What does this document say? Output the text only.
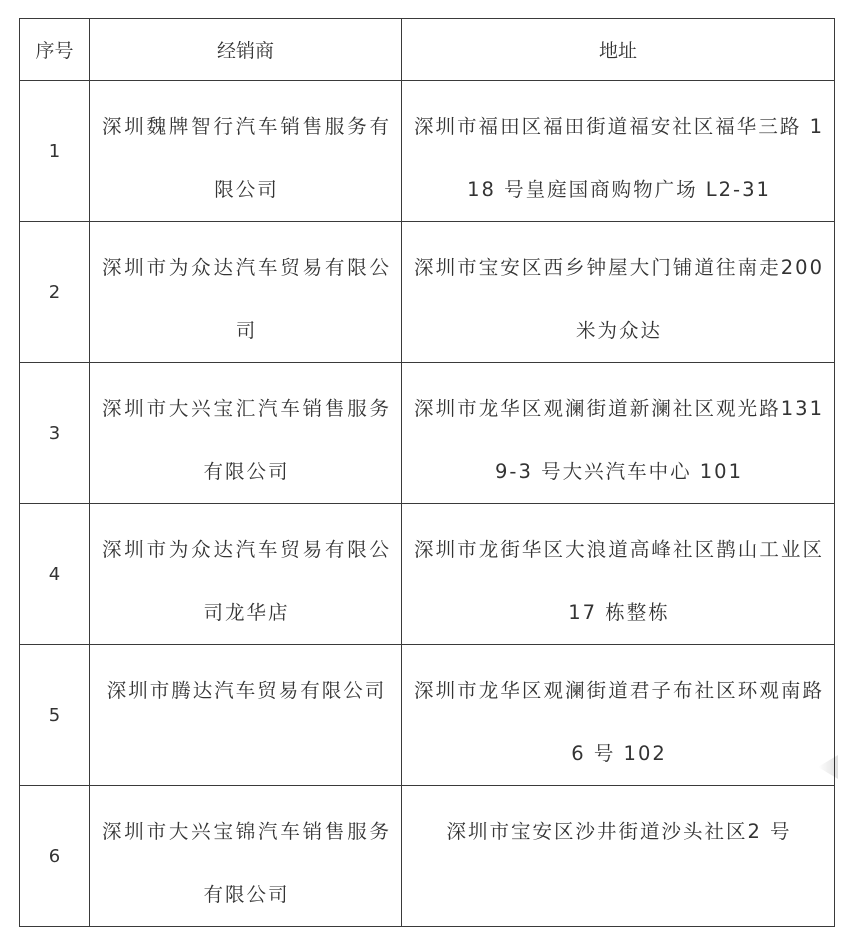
序号	经销商	地址
1	深圳魏牌智行汽车销售服务有限公司	深圳市福田区福田街道福安社区福华三路 118 号皇庭国商购物广场 L2-31

2	深圳市为众达汽车贸易有限公司	深圳市宝安区西乡钟屋大门铺道往南走200 米为众达

3	深圳市大兴宝汇汽车销售服务有限公司	深圳市龙华区观澜街道新澜社区观光路1319-3 号大兴汽车中心 101

4	深圳市为众达汽车贸易有限公司龙华店	深圳市龙街华区大浪道高峰社区鹊山工业区 17 栋整栋

5	深圳市腾达汽车贸易有限公司	深圳市龙华区观澜街道君子布社区环观南路 6 号 102

6	深圳市大兴宝锦汽车销售服务有限公司	深圳市宝安区沙井街道沙头社区2 号
